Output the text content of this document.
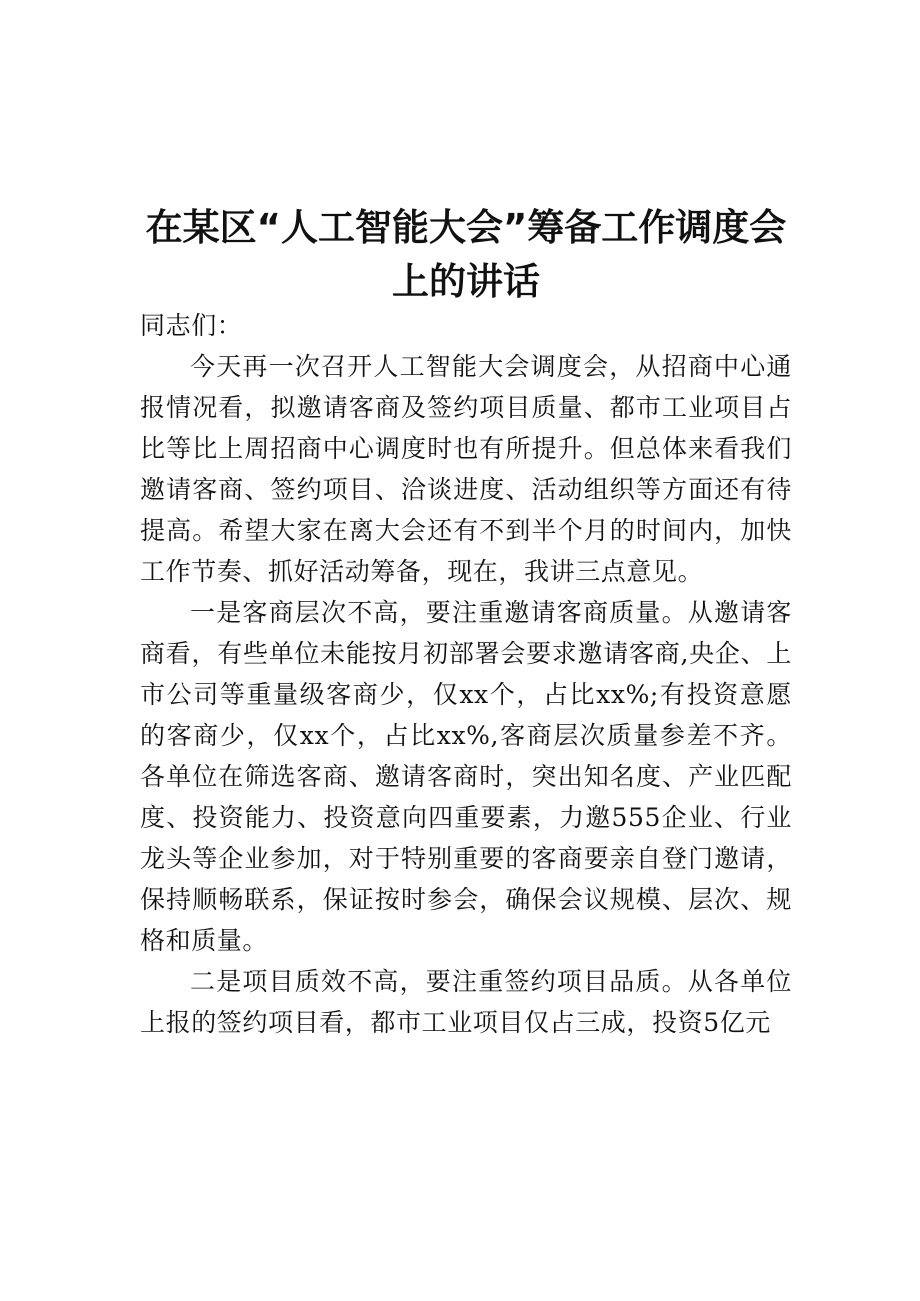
在某区“人工智能大会”筹备工作调度会上的讲话

同志们：

今天再一次召开人工智能大会调度会，从招商中心通报情况看，拟邀请客商及签约项目质量、都市工业项目占比等比上周招商中心调度时也有所提升。但总体来看我们邀请客商、签约项目、洽谈进度、活动组织等方面还有待提高。希望大家在离大会还有不到半个月的时间内，加快工作节奏、抓好活动筹备，现在，我讲三点意见。

一是客商层次不高，要注重邀请客商质量。从邀请客商看，有些单位未能按月初部署会要求邀请客商,央企、上市公司等重量级客商少，仅xx个，占比xx%;有投资意愿的客商少，仅xx个，占比xx%,客商层次质量参差不齐。各单位在筛选客商、邀请客商时，突出知名度、产业匹配度、投资能力、投资意向四重要素，力邀555企业、行业龙头等企业参加，对于特别重要的客商要亲自登门邀请，保持顺畅联系，保证按时参会，确保会议规模、层次、规格和质量。

二是项目质效不高，要注重签约项目品质。从各单位上报的签约项目看，都市工业项目仅占三成，投资5亿元
